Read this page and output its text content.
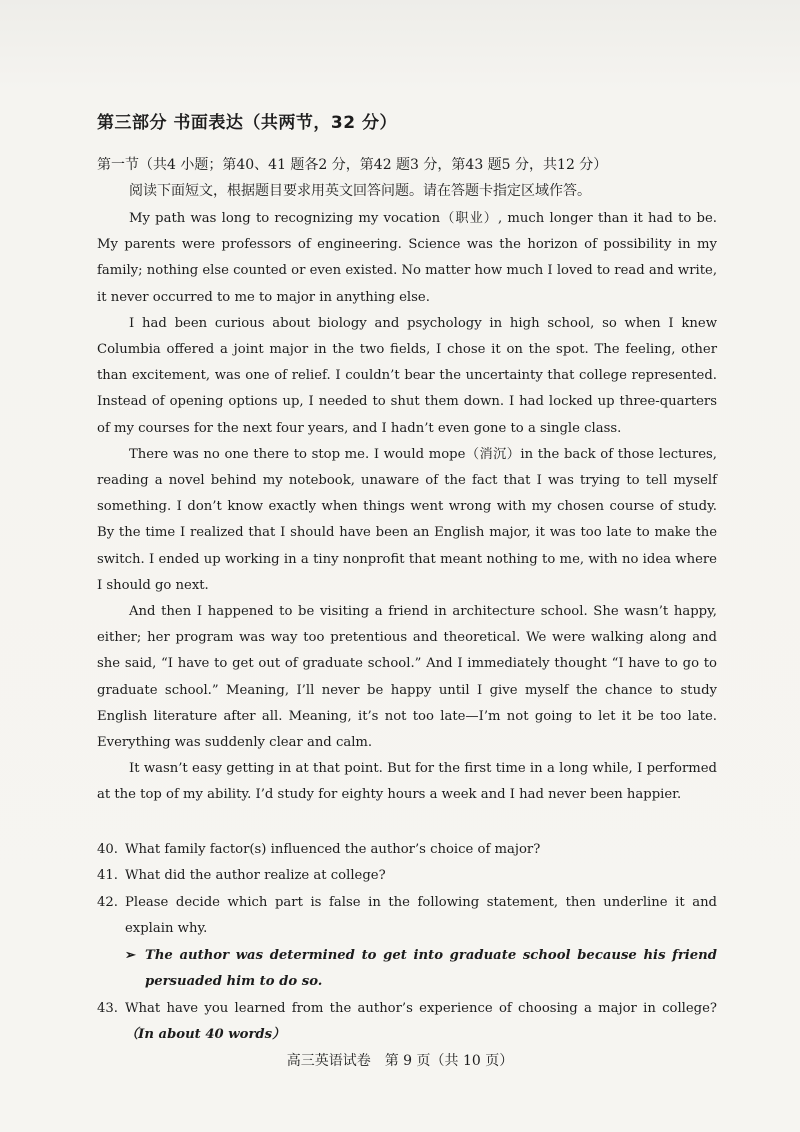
第三部分 书面表达（共两节，32 分）
第一节（共4 小题；第40、41 题各2 分，第42 题3 分，第43 题5 分，共12 分）
阅读下面短文，根据题目要求用英文回答问题。请在答题卡指定区域作答。

My path was long to recognizing my vocation（职业）, much longer than it had to be. My parents were professors of engineering. Science was the horizon of possibility in my family; nothing else counted or even existed. No matter how much I loved to read and write, it never occurred to me to major in anything else.

I had been curious about biology and psychology in high school, so when I knew Columbia offered a joint major in the two fields, I chose it on the spot. The feeling, other than excitement, was one of relief. I couldn’t bear the uncertainty that college represented. Instead of opening options up, I needed to shut them down. I had locked up three-quarters of my courses for the next four years, and I hadn’t even gone to a single class.

There was no one there to stop me. I would mope（消沉）in the back of those lectures, reading a novel behind my notebook, unaware of the fact that I was trying to tell myself something. I don’t know exactly when things went wrong with my chosen course of study. By the time I realized that I should have been an English major, it was too late to make the switch. I ended up working in a tiny nonprofit that meant nothing to me, with no idea where I should go next.

And then I happened to be visiting a friend in architecture school. She wasn’t happy, either; her program was way too pretentious and theoretical. We were walking along and she said, “I have to get out of graduate school.” And I immediately thought “I have to go to graduate school.” Meaning, I’ll never be happy until I give myself the chance to study English literature after all. Meaning, it’s not too late—I’m not going to let it be too late. Everything was suddenly clear and calm.

It wasn’t easy getting in at that point. But for the first time in a long while, I performed at the top of my ability. I’d study for eighty hours a week and I had never been happier.

40. What family factor(s) influenced the author’s choice of major?

41. What did the author realize at college?

42. Please decide which part is false in the following statement, then underline it and explain why.

➢ The author was determined to get into graduate school because his friend persuaded him to do so.

43. What have you learned from the author’s experience of choosing a major in college? （In about 40 words）

高三英语试卷　第 9 页（共 10 页）
